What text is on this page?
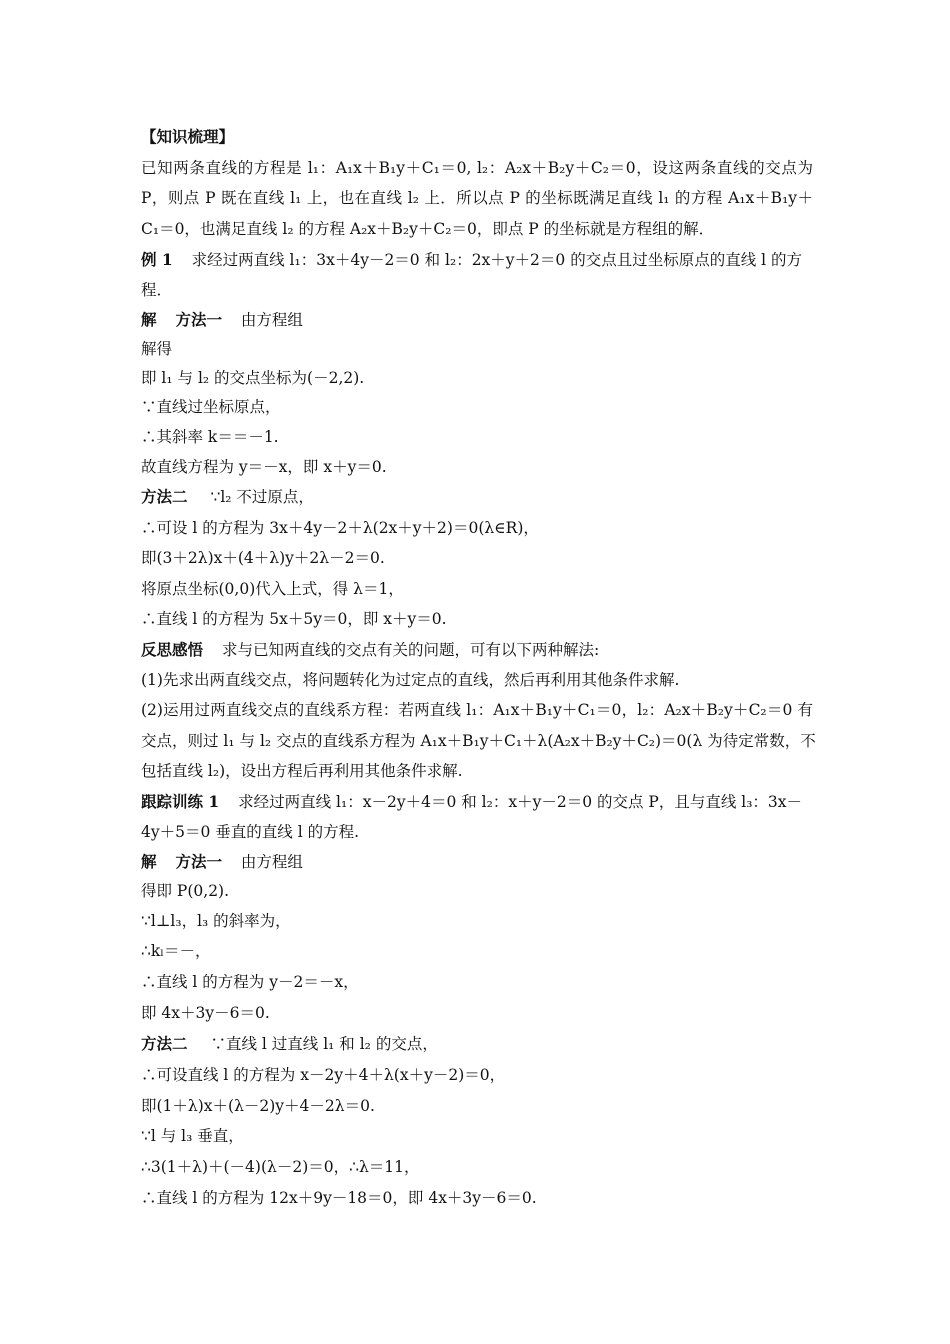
【知识梳理】
已知两条直线的方程是 l₁：A₁x＋B₁y＋C₁＝0, l₂：A₂x＋B₂y＋C₂＝0，设这两条直线的交点为
P，则点 P 既在直线 l₁ 上，也在直线 l₂ 上．所以点 P 的坐标既满足直线 l₁ 的方程 A₁x＋B₁y＋
C₁＝0，也满足直线 l₂ 的方程 A₂x＋B₂y＋C₂＝0，即点 P 的坐标就是方程组的解．
例 1 求经过两直线 l₁：3x＋4y－2＝0 和 l₂：2x＋y＋2＝0 的交点且过坐标原点的直线 l 的方
程．
解 方法一 由方程组
解得
即 l₁ 与 l₂ 的交点坐标为(－2,2).
∵直线过坐标原点，
∴其斜率 k＝＝－1.
故直线方程为 y＝－x，即 x＋y＝0.
方法二 ∵l₂ 不过原点，
∴可设 l 的方程为 3x＋4y－2＋λ(2x＋y＋2)＝0(λ∈R)，
即(3＋2λ)x＋(4＋λ)y＋2λ－2＝0.
将原点坐标(0,0)代入上式，得 λ＝1，
∴直线 l 的方程为 5x＋5y＝0，即 x＋y＝0.
反思感悟 求与已知两直线的交点有关的问题，可有以下两种解法:
(1)先求出两直线交点，将问题转化为过定点的直线，然后再利用其他条件求解.
(2)运用过两直线交点的直线系方程：若两直线 l₁：A₁x＋B₁y＋C₁＝0，l₂：A₂x＋B₂y＋C₂＝0 有
交点，则过 l₁ 与 l₂ 交点的直线系方程为 A₁x＋B₁y＋C₁＋λ(A₂x＋B₂y＋C₂)＝0(λ 为待定常数，不
包括直线 l₂)，设出方程后再利用其他条件求解.
跟踪训练 1 求经过两直线 l₁：x－2y＋4＝0 和 l₂：x＋y－2＝0 的交点 P，且与直线 l₃：3x－
4y＋5＝0 垂直的直线 l 的方程.
解 方法一 由方程组
得即 P(0,2).
∵l⊥l₃，l₃ 的斜率为，
∴kₗ＝－，
∴直线 l 的方程为 y－2＝－x，
即 4x＋3y－6＝0.
方法二 ∵直线 l 过直线 l₁ 和 l₂ 的交点，
∴可设直线 l 的方程为 x－2y＋4＋λ(x＋y－2)＝0，
即(1＋λ)x＋(λ－2)y＋4－2λ＝0.
∵l 与 l₃ 垂直，
∴3(1＋λ)＋(－4)(λ－2)＝0，∴λ＝11，
∴直线 l 的方程为 12x＋9y－18＝0，即 4x＋3y－6＝0.
